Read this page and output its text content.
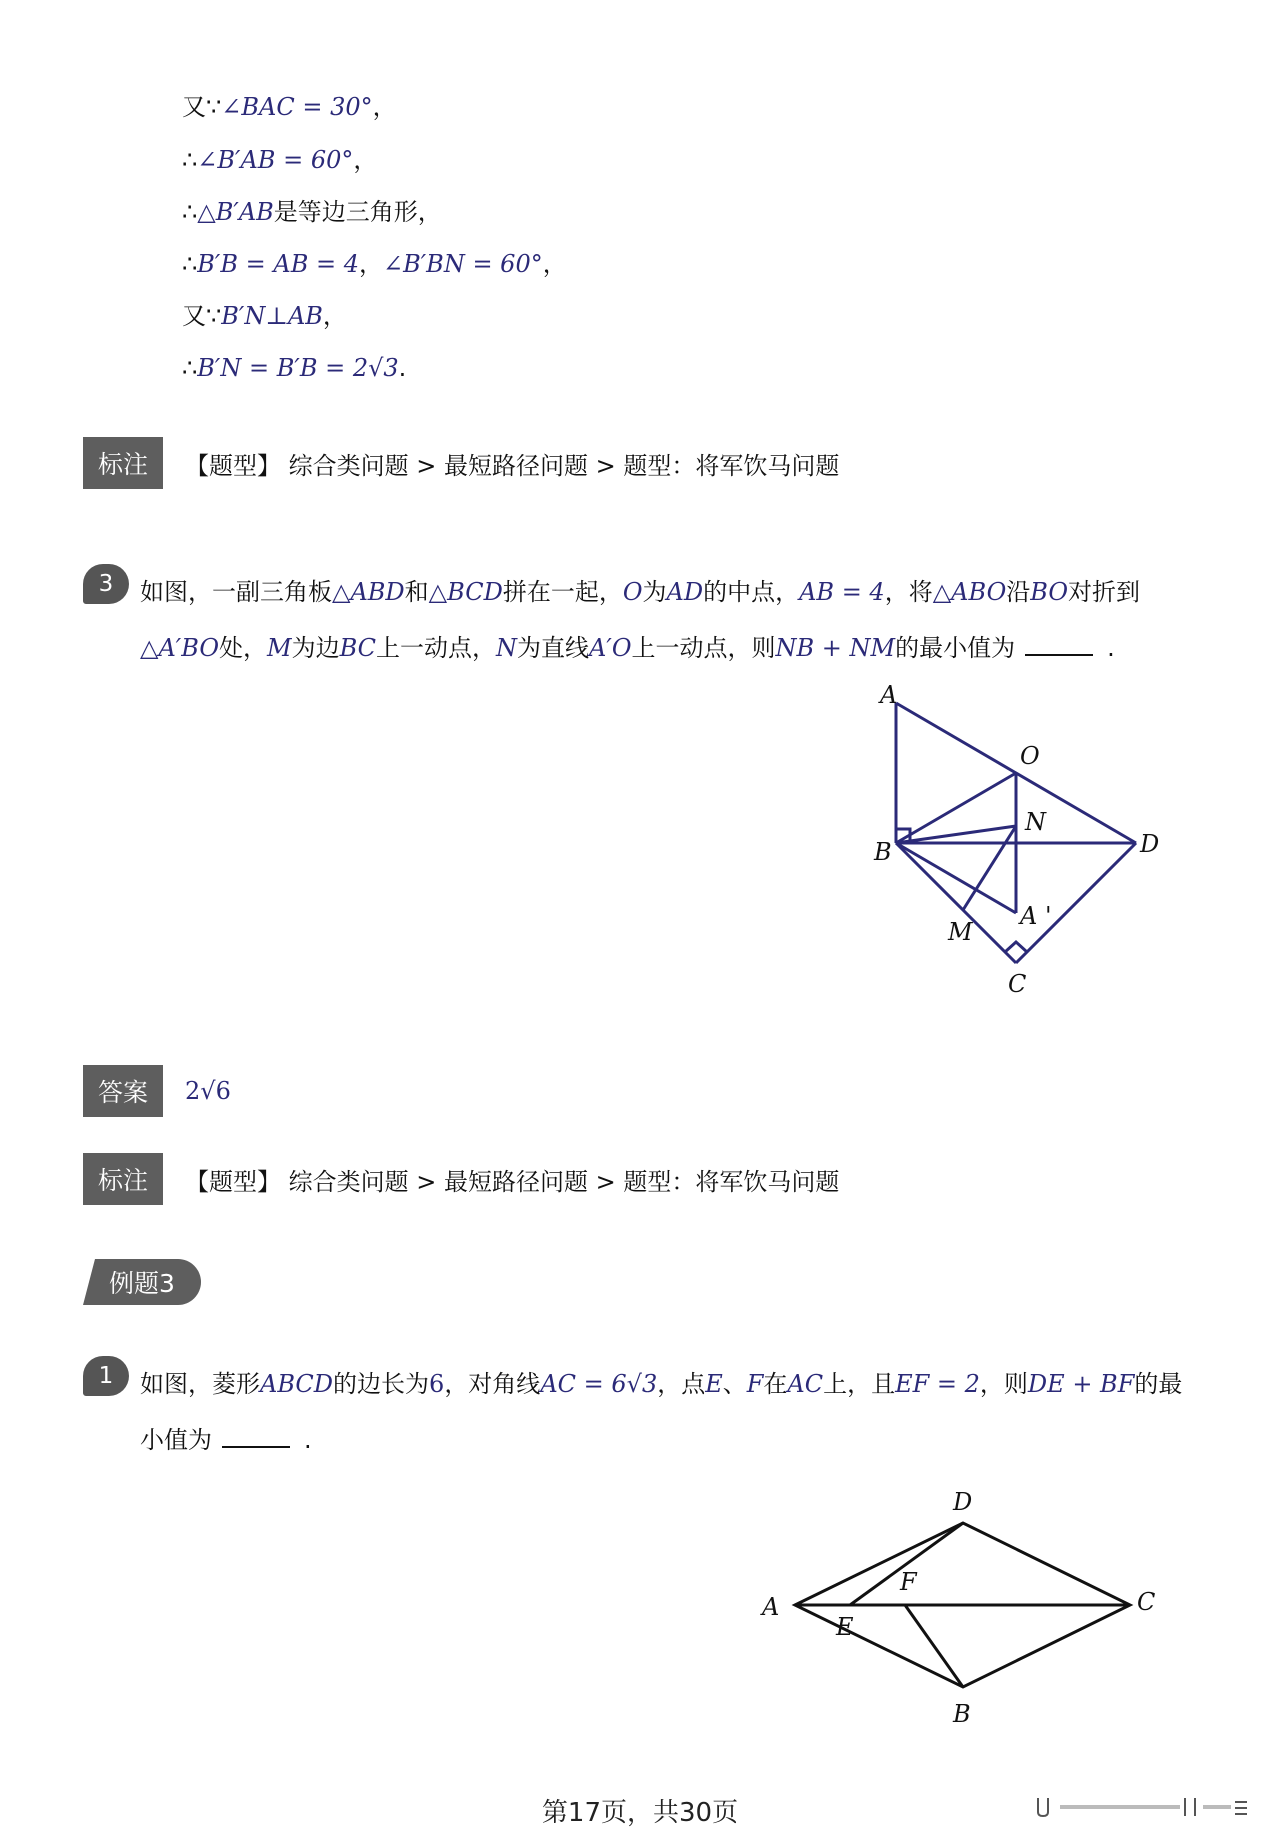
又∵∠BAC = 30°，
∴∠B′AB = 60°，
∴△B′AB是等边三角形，
∴B′B = AB = 4，∠B′BN = 60°，
又∵B′N⊥AB，
∴B′N = B′B = 2√3.
标注	【题型】 综合类问题 > 最短路径问题 > 题型：将军饮马问题
3	如图，一副三角板△ABD和△BCD拼在一起，O为AD的中点，AB = 4，将△ABO沿BO对折到
△A′BO处，M为边BC上一动点，N为直线A′O上一动点，则NB + NM的最小值为	.
A
O
N
B	D
A '
M
C
答案	2√6
标注	【题型】 综合类问题 > 最短路径问题 > 题型：将军饮马问题
例题3
1	如图，菱形ABCD的边长为6，对角线AC = 6√3，点E、F在AC上，且EF = 2，则DE + BF的最
小值为	.
D
A
F
C
E
B
第17页，共30页
